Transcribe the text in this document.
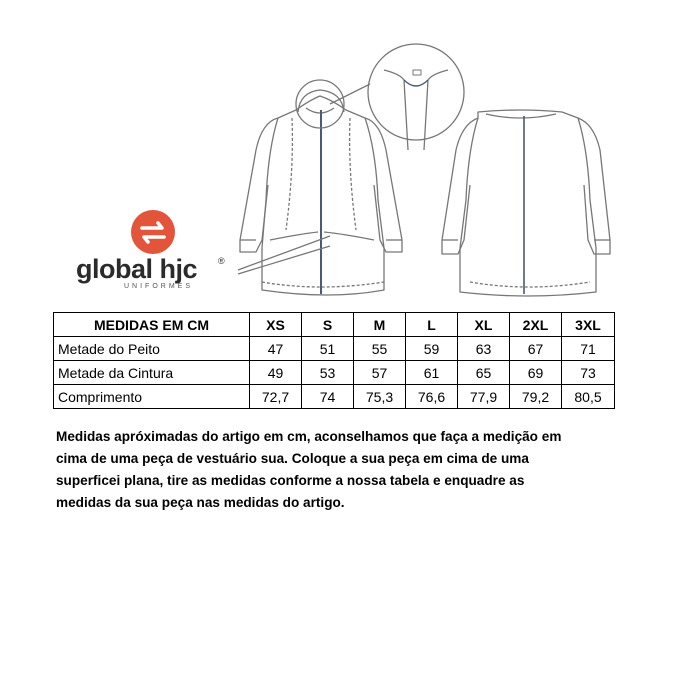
global hjc ®
UNIFORMES
MEDIDAS EM CM	XS	S	M	L	XL	2XL	3XL
Metade do Peito	47	51	55	59	63	67	71
Metade da Cintura	49	53	57	61	65	69	73
Comprimento	72,7	74	75,3	76,6	77,9	79,2	80,5
Medidas apróximadas do artigo em cm, aconselhamos que faça a medição em
cima de uma peça de vestuário sua. Coloque a sua peça em cima de uma
superficei plana, tire as medidas conforme a nossa tabela e enquadre as
medidas da sua peça nas medidas do artigo.
